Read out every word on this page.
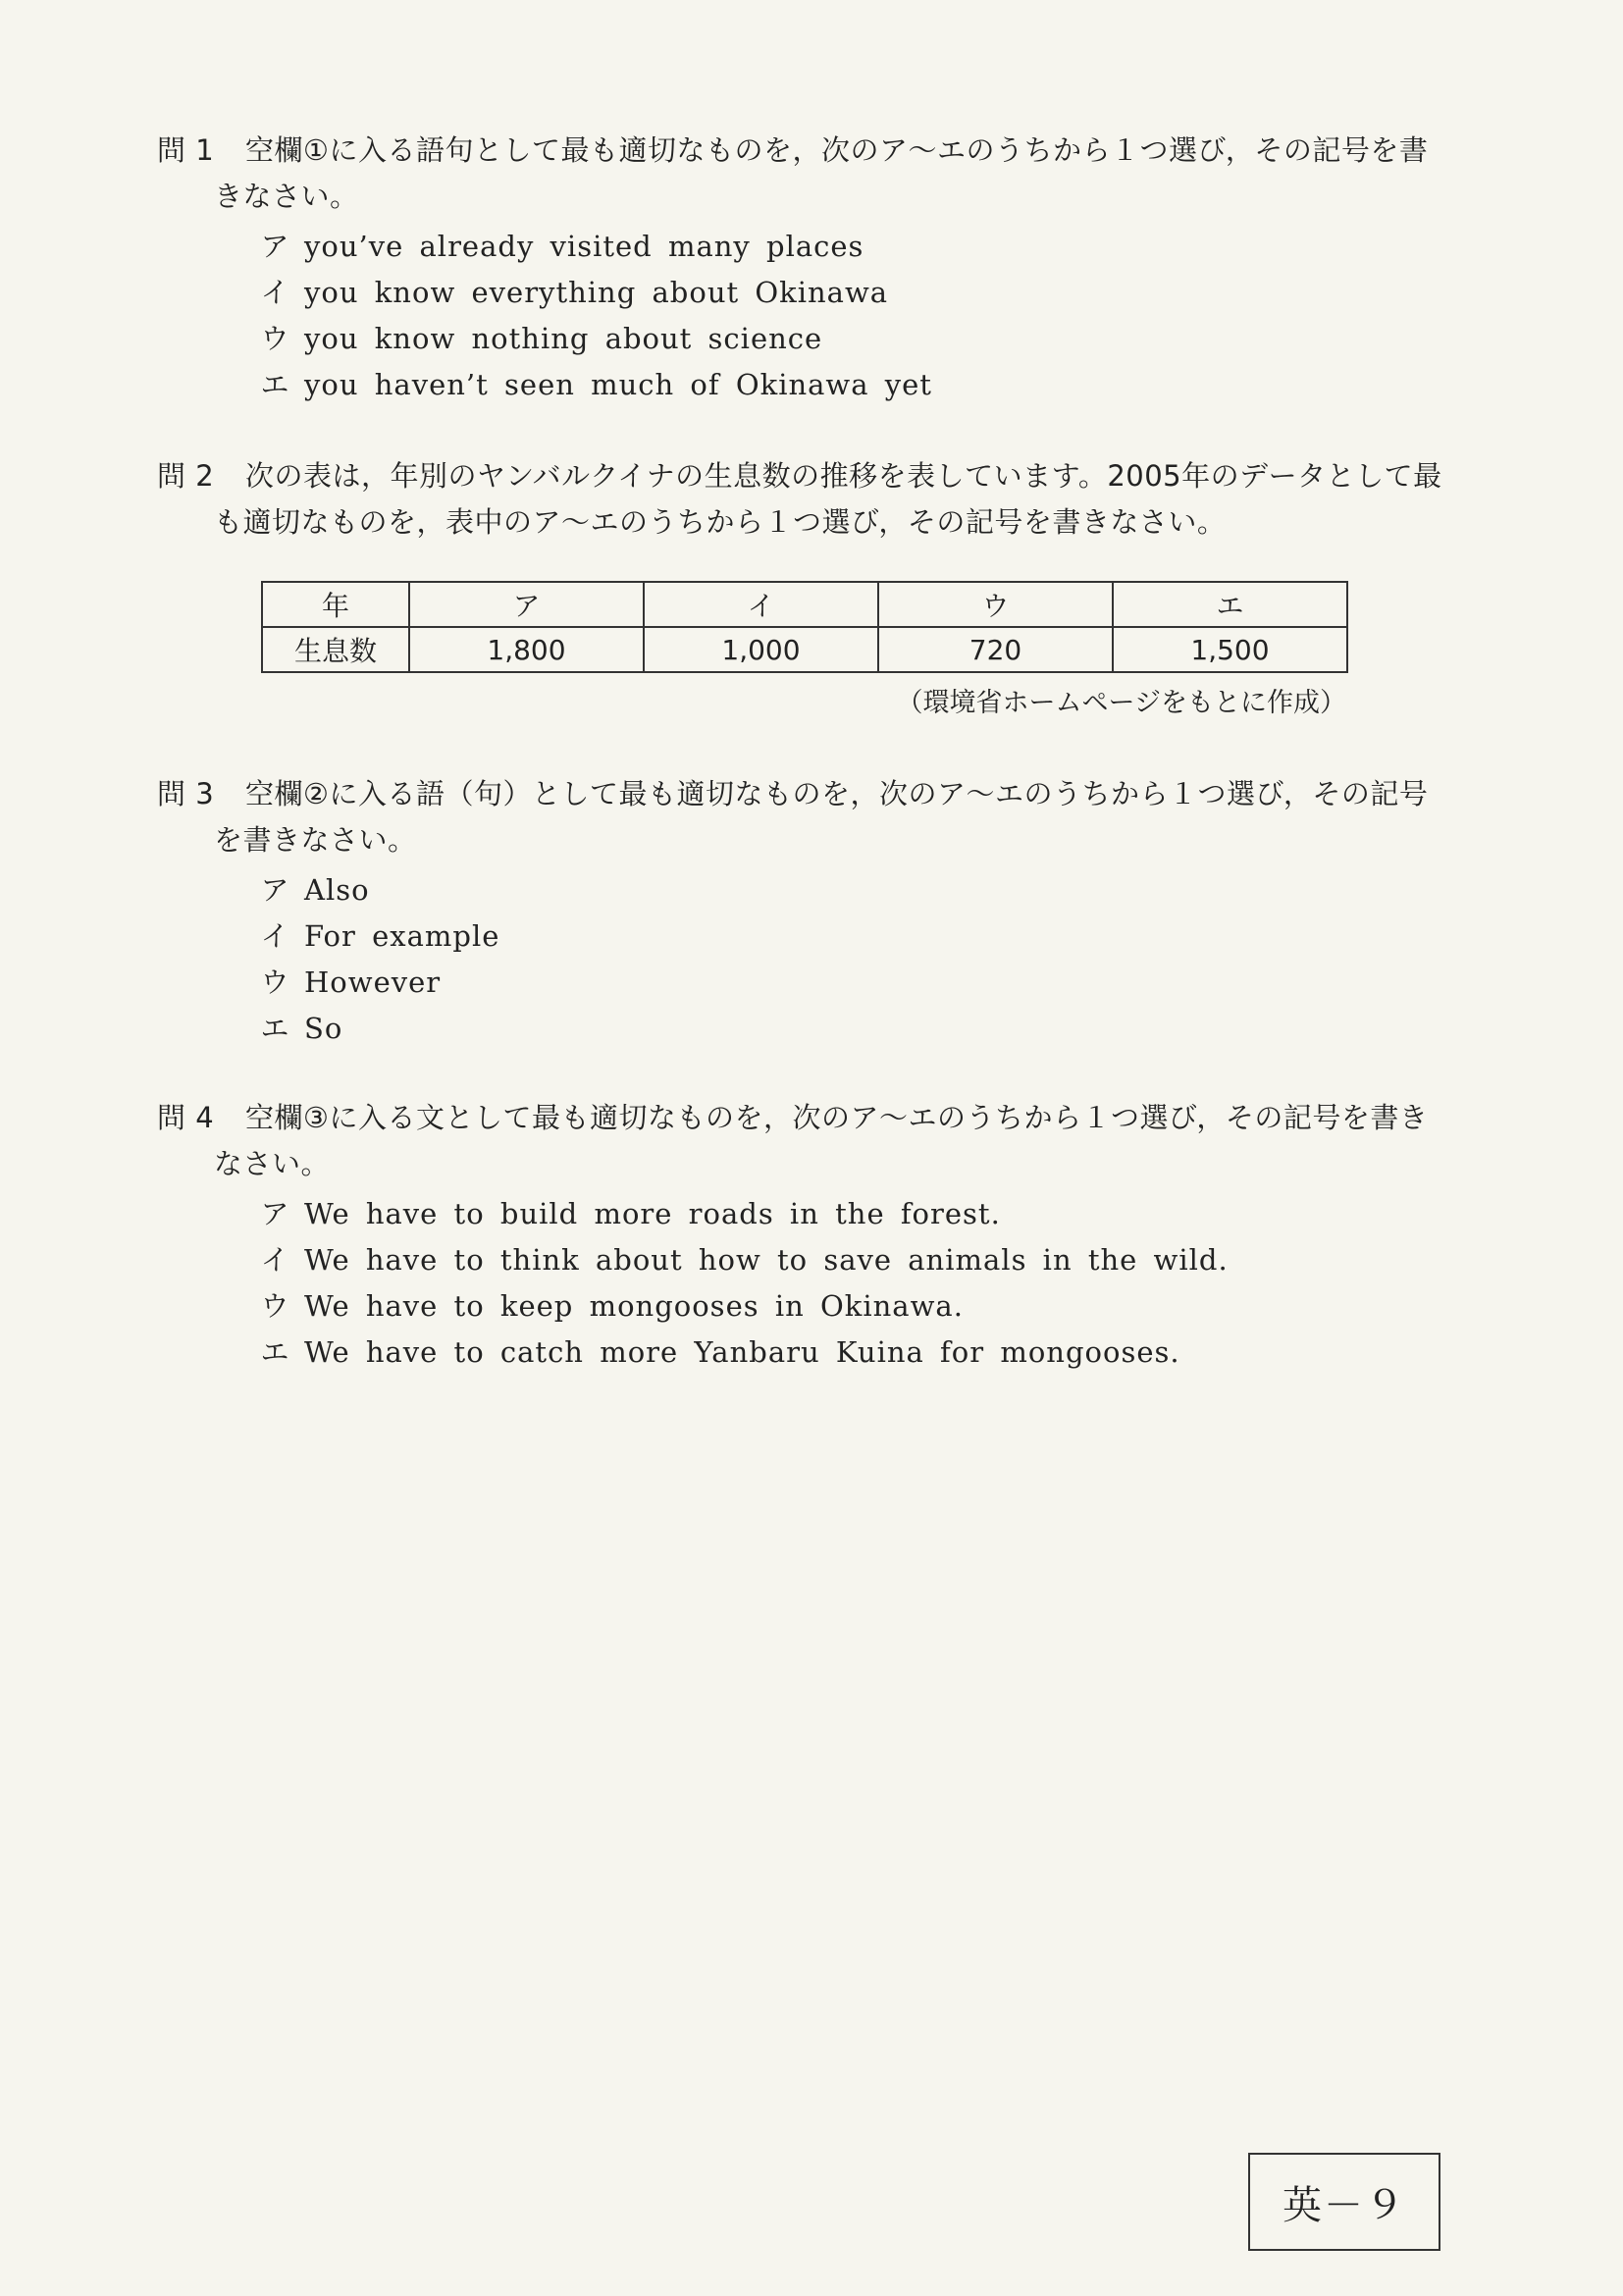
問 1	空欄①に入る語句として最も適切なものを，次のア～エのうちから１つ選び，その記号を書
きなさい。
ア you’ve already visited many places
イ you know everything about Okinawa
ウ you know nothing about science
エ you haven’t seen much of Okinawa yet
問 2	次の表は，年別のヤンバルクイナの生息数の推移を表しています。2005年のデータとして最
も適切なものを，表中のア～エのうちから１つ選び，その記号を書きなさい。
年	ア	イ	ウ	エ
生息数	1,800	1,000	720	1,500
（環境省ホームページをもとに作成）
問 3	空欄②に入る語（句）として最も適切なものを，次のア～エのうちから１つ選び，その記号
を書きなさい。
ア Also
イ For example
ウ However
エ So
問 4	空欄③に入る文として最も適切なものを，次のア～エのうちから１つ選び，その記号を書き
なさい。
ア We have to build more roads in the forest.
イ We have to think about how to save animals in the wild.
ウ We have to keep mongooses in Okinawa.
エ We have to catch more Yanbaru Kuina for mongooses.
英－９
